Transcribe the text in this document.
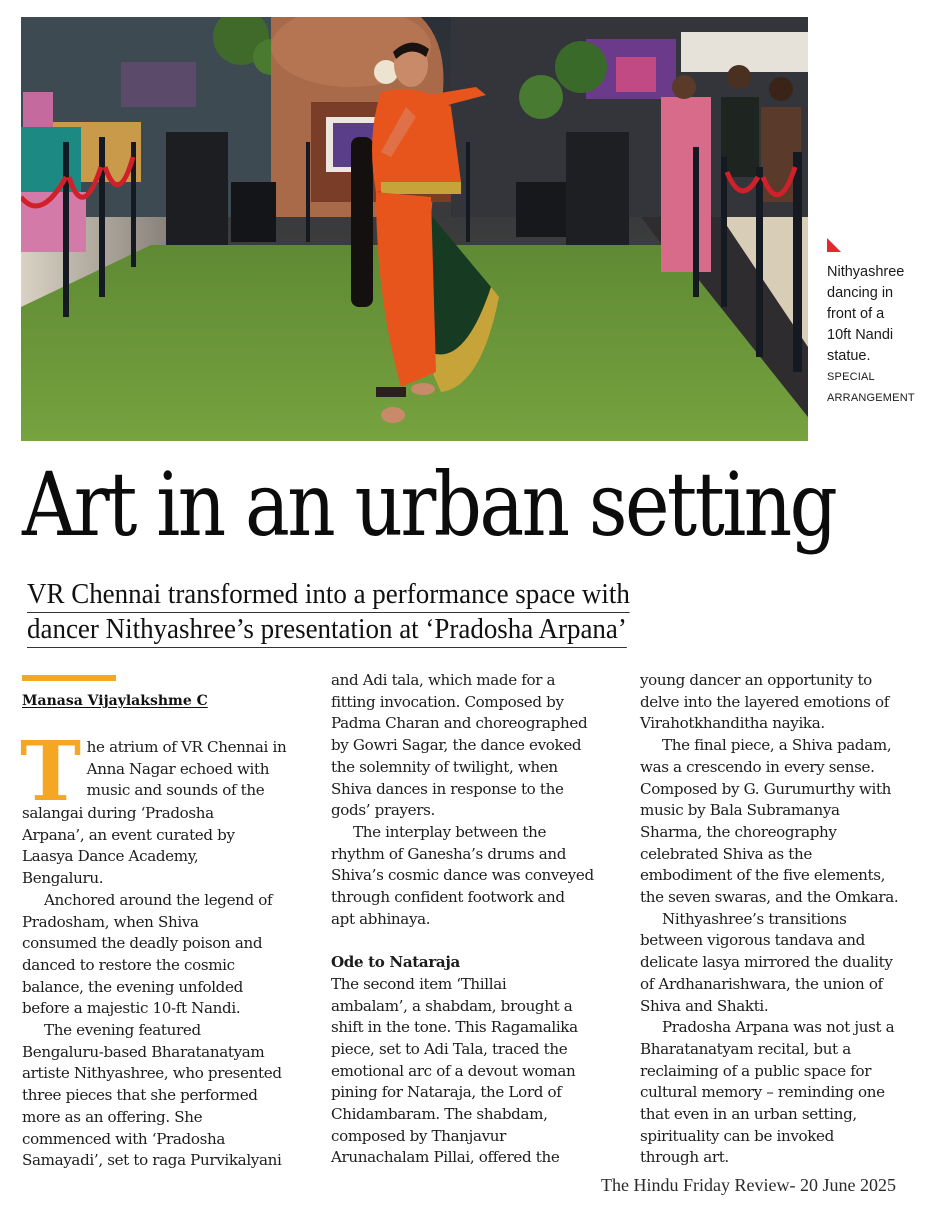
Nithyashree
dancing in
front of a
10ft Nandi
statue.
SPECIAL
ARRANGEMENT
Art in an urban setting
VR Chennai transformed into a performance space with
dancer Nithyashree’s presentation at ‘Pradosha Arpana’
Manasa Vijaylakshme C
T he atrium of VR Chennai in
Anna Nagar echoed with
music and sounds of the
salangai during ‘Pradosha
Arpana’, an event curated by
Laasya Dance Academy,
Bengaluru.
Anchored around the legend of
Pradosham, when Shiva
consumed the deadly poison and
danced to restore the cosmic
balance, the evening unfolded
before a majestic 10-ft Nandi.
The evening featured
Bengaluru-based Bharatanatyam
artiste Nithyashree, who presented
three pieces that she performed
more as an offering. She
commenced with ‘Pradosha
Samayadi’, set to raga Purvikalyani
and Adi tala, which made for a
fitting invocation. Composed by
Padma Charan and choreographed
by Gowri Sagar, the dance evoked
the solemnity of twilight, when
Shiva dances in response to the
gods’ prayers.
The interplay between the
rhythm of Ganesha’s drums and
Shiva’s cosmic dance was conveyed
through confident footwork and
apt abhinaya.
Ode to Nataraja
The second item ‘Thillai
ambalam’, a shabdam, brought a
shift in the tone. This Ragamalika
piece, set to Adi Tala, traced the
emotional arc of a devout woman
pining for Nataraja, the Lord of
Chidambaram. The shabdam,
composed by Thanjavur
Arunachalam Pillai, offered the
young dancer an opportunity to
delve into the layered emotions of
Virahotkhanditha nayika.
The final piece, a Shiva padam,
was a crescendo in every sense.
Composed by G. Gurumurthy with
music by Bala Subramanya
Sharma, the choreography
celebrated Shiva as the
embodiment of the five elements,
the seven swaras, and the Omkara.
Nithyashree’s transitions
between vigorous tandava and
delicate lasya mirrored the duality
of Ardhanarishwara, the union of
Shiva and Shakti.
Pradosha Arpana was not just a
Bharatanatyam recital, but a
reclaiming of a public space for
cultural memory – reminding one
that even in an urban setting,
spirituality can be invoked
through art.
The Hindu Friday Review- 20 June 2025
